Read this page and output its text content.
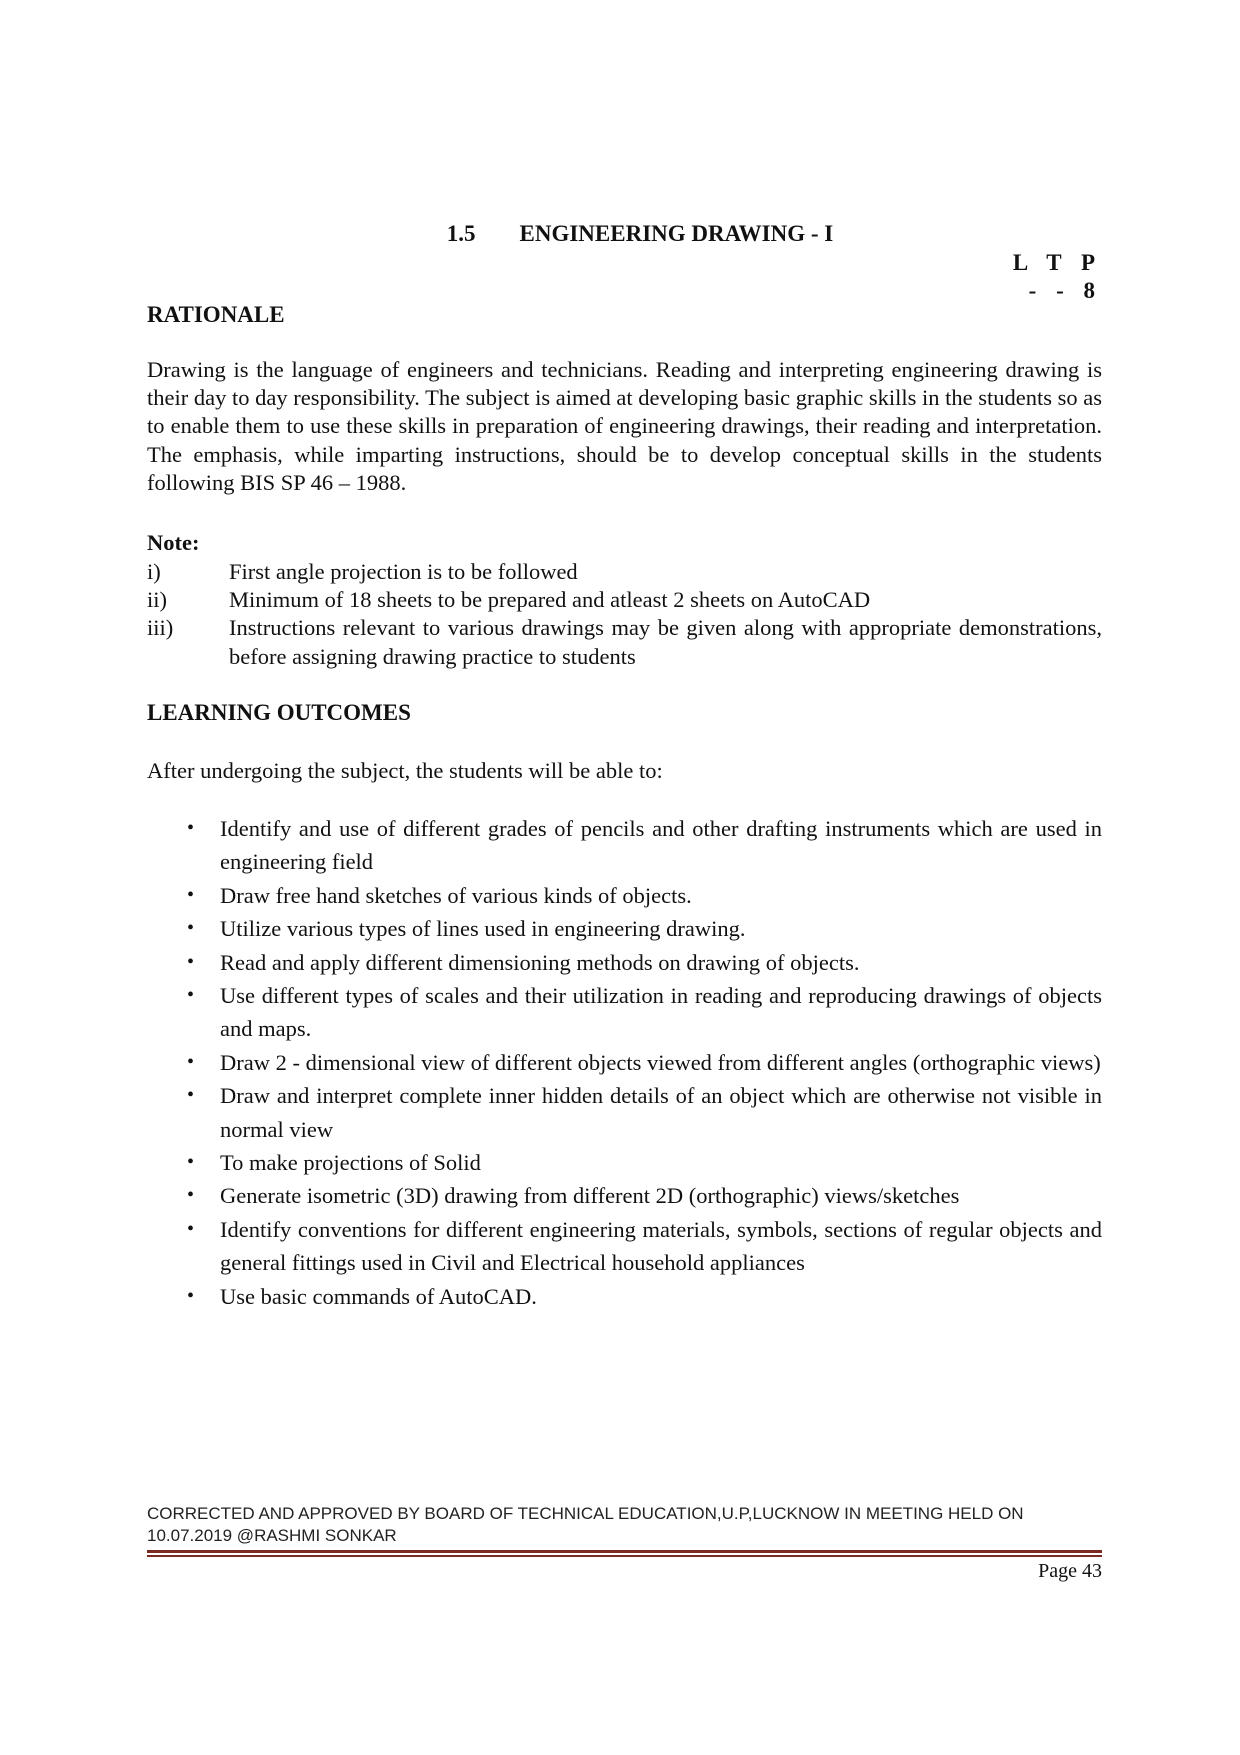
1.5 ENGINEERING DRAWING - I
L T P
- - 8
RATIONALE
Drawing is the language of engineers and technicians. Reading and interpreting engineering drawing is their day to day responsibility. The subject is aimed at developing basic graphic skills in the students so as to enable them to use these skills in preparation of engineering drawings, their reading and interpretation. The emphasis, while imparting instructions, should be to develop conceptual skills in the students following BIS SP 46 – 1988.
Note:
i)	First angle projection is to be followed
ii)	Minimum of 18 sheets to be prepared and atleast 2 sheets on AutoCAD
iii)	Instructions relevant to various drawings may be given along with appropriate demonstrations, before assigning drawing practice to students
LEARNING OUTCOMES
After undergoing the subject, the students will be able to:
•	Identify and use of different grades of pencils and other drafting instruments which are used in engineering field
•	Draw free hand sketches of various kinds of objects.
•	Utilize various types of lines used in engineering drawing.
•	Read and apply different dimensioning methods on drawing of objects.
•	Use different types of scales and their utilization in reading and reproducing drawings of objects and maps.
•	Draw 2 - dimensional view of different objects viewed from different angles (orthographic views)
•	Draw and interpret complete inner hidden details of an object which are otherwise not visible in normal view
•	To make projections of Solid
•	Generate isometric (3D) drawing from different 2D (orthographic) views/sketches
•	Identify conventions for different engineering materials, symbols, sections of regular objects and general fittings used in Civil and Electrical household appliances
•	Use basic commands of AutoCAD.
CORRECTED AND APPROVED BY BOARD OF TECHNICAL EDUCATION,U.P,LUCKNOW IN MEETING HELD ON
10.07.2019 @RASHMI SONKAR
Page 43
